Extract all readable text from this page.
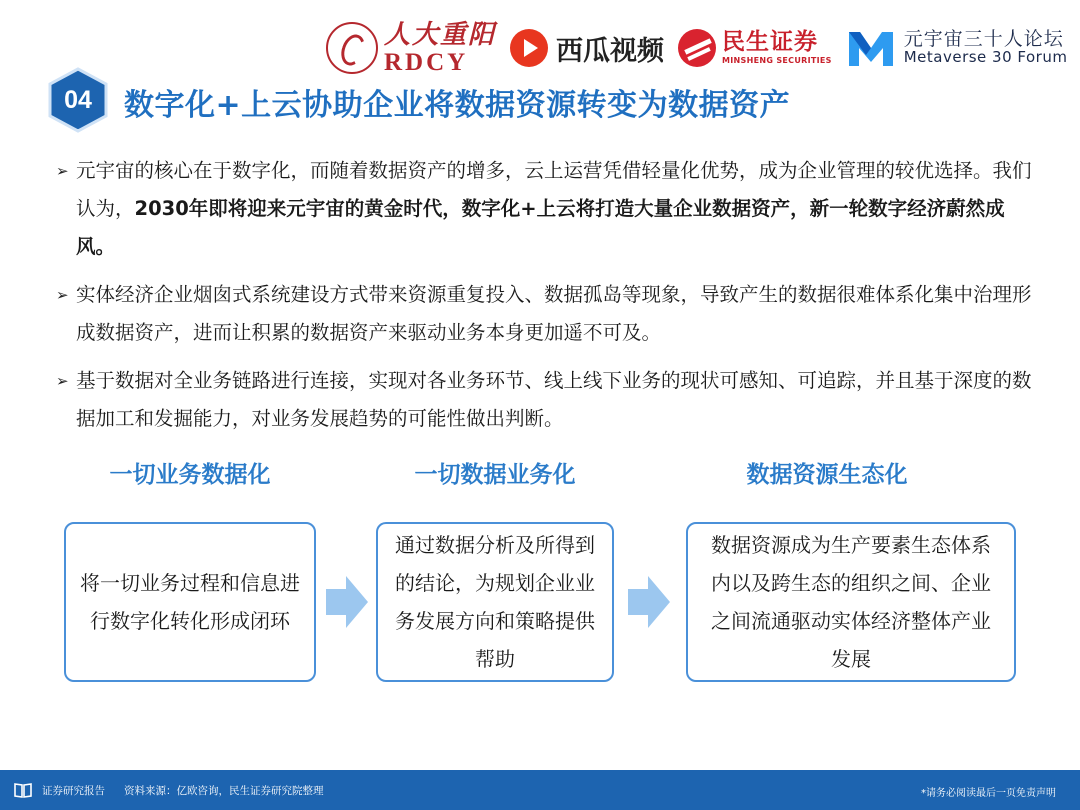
人大重阳
RDCY	西瓜视频	民生证券
MINSHENG SECURITIES
元宇宙三十人论坛
Metaverse 30 Forum
04	数字化+上云协助企业将数据资源转变为数据资产
➢ 元宇宙的核心在于数字化，而随着数据资产的增多，云上运营凭借轻量化优势，成为企业管理的较优选择。我们认为，2030年即将迎来元宇宙的黄金时代，数字化+上云将打造大量企业数据资产，新一轮数字经济蔚然成风。
➢ 实体经济企业烟囱式系统建设方式带来资源重复投入、数据孤岛等现象，导致产生的数据很难体系化集中治理形成数据资产，进而让积累的数据资产来驱动业务本身更加遥不可及。
➢ 基于数据对全业务链路进行连接，实现对各业务环节、线上线下业务的现状可感知、可追踪，并且基于深度的数据加工和发掘能力，对业务发展趋势的可能性做出判断。
一切业务数据化	一切数据业务化	数据资源生态化
将一切业务过程和信息进行数字化转化形成闭环
通过数据分析及所得到的结论，为规划企业业务发展方向和策略提供帮助
数据资源成为生产要素生态体系内以及跨生态的组织之间、企业之间流通驱动实体经济整体产业发展
证券研究报告 资料来源：亿欧咨询，民生证券研究院整理	*请务必阅读最后一页免责声明
